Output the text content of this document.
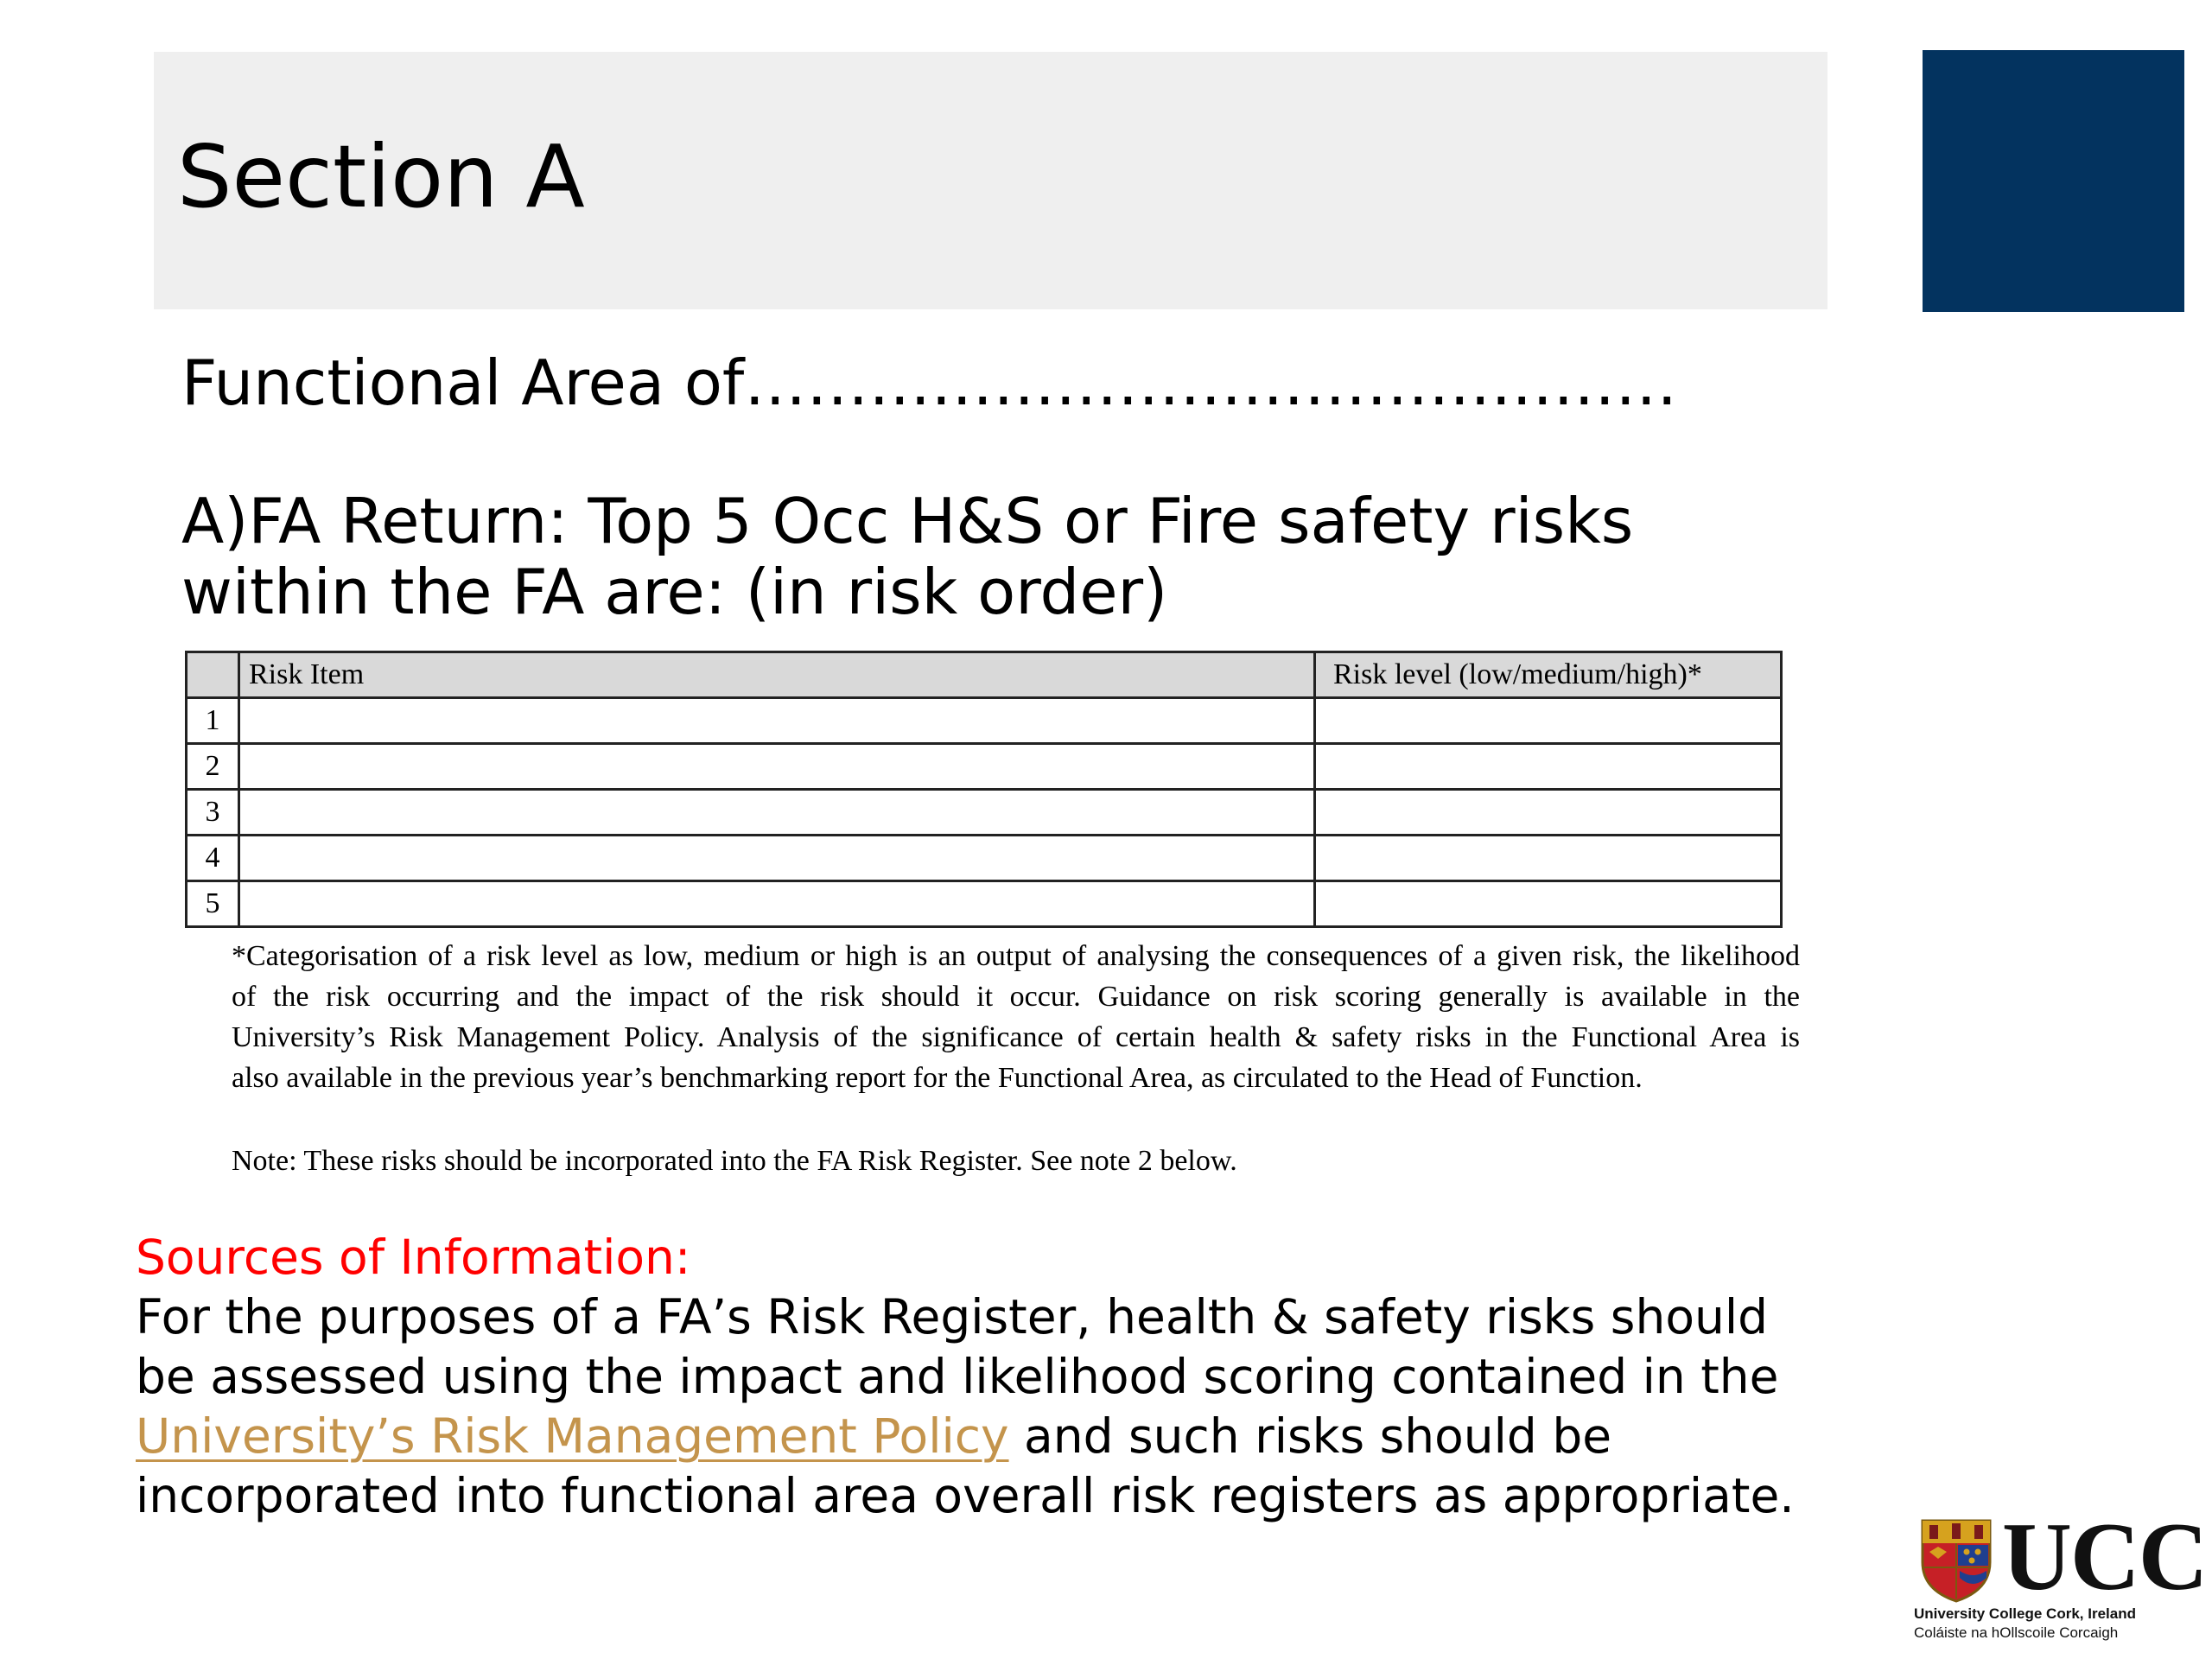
Section A
Functional Area of………………………………………
A)FA Return: Top 5 Occ H&S or Fire safety risks
within the FA are: (in risk order)
	Risk Item	Risk level (low/medium/high)*
1		
2		
3		
4		
5		
*Categorisation of a risk level as low, medium or high is an output of analysing the consequences of a given risk, the likelihood
of the risk occurring and the impact of the risk should it occur. Guidance on risk scoring generally is available in the
University’s Risk Management Policy. Analysis of the significance of certain health & safety risks in the Functional Area is
also available in the previous year’s benchmarking report for the Functional Area, as circulated to the Head of Function.
Note: These risks should be incorporated into the FA Risk Register. See note 2 below.
Sources of Information:
For the purposes of a FA’s Risk Register, health & safety risks should
be assessed using the impact and likelihood scoring contained in the
University’s Risk Management Policy and such risks should be
incorporated into functional area overall risk registers as appropriate.
UCC
University College Cork, Ireland
Coláiste na hOllscoile Corcaigh
